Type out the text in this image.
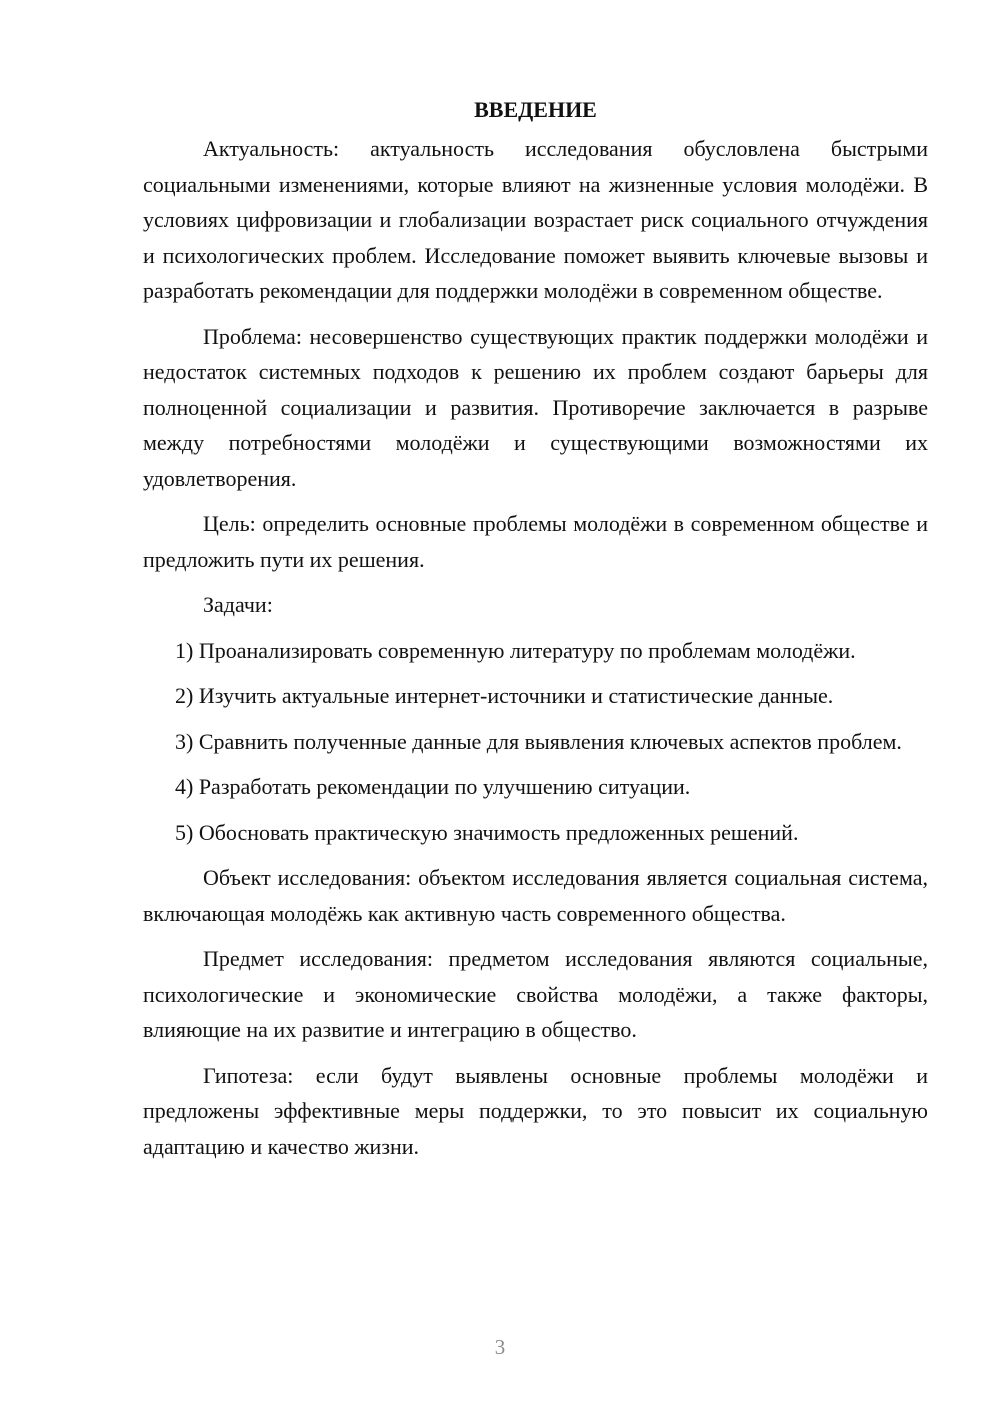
ВВЕДЕНИЕ

Актуальность: актуальность исследования обусловлена быстрыми социальными изменениями, которые влияют на жизненные условия молодёжи. В условиях цифровизации и глобализации возрастает риск социального отчуждения и психологических проблем. Исследование поможет выявить ключевые вызовы и разработать рекомендации для поддержки молодёжи в современном обществе.

Проблема: несовершенство существующих практик поддержки молодёжи и недостаток системных подходов к решению их проблем создают барьеры для полноценной социализации и развития. Противоречие заключается в разрыве между потребностями молодёжи и существующими возможностями их удовлетворения.

Цель: определить основные проблемы молодёжи в современном обществе и предложить пути их решения.

Задачи:

1) Проанализировать современную литературу по проблемам молодёжи.

2) Изучить актуальные интернет-источники и статистические данные.

3) Сравнить полученные данные для выявления ключевых аспектов проблем.

4) Разработать рекомендации по улучшению ситуации.

5) Обосновать практическую значимость предложенных решений.

Объект исследования: объектом исследования является социальная система, включающая молодёжь как активную часть современного общества.

Предмет исследования: предметом исследования являются социальные, психологические и экономические свойства молодёжи, а также факторы, влияющие на их развитие и интеграцию в общество.

Гипотеза: если будут выявлены основные проблемы молодёжи и предложены эффективные меры поддержки, то это повысит их социальную адаптацию и качество жизни.

3
